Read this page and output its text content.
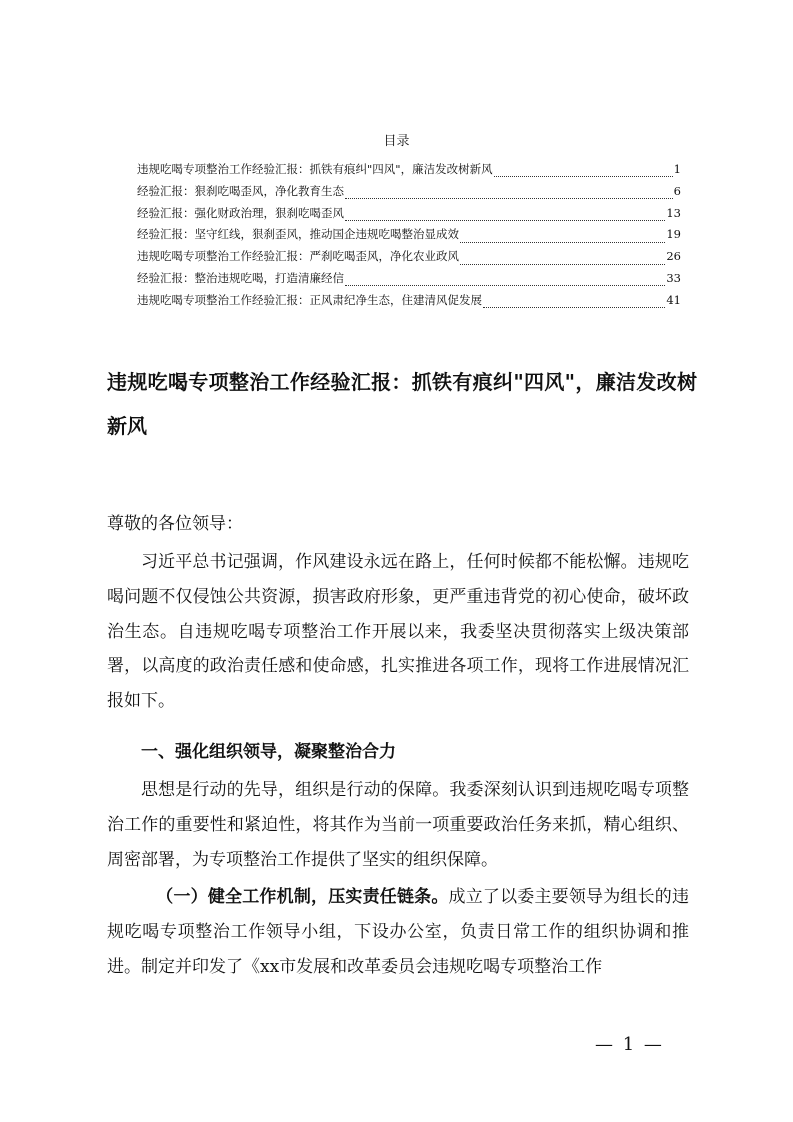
目录
违规吃喝专项整治工作经验汇报：抓铁有痕纠"四风"，廉洁发改树新风	1
经验汇报：狠刹吃喝歪风，净化教育生态	6
经验汇报：强化财政治理，狠刹吃喝歪风	13
经验汇报：坚守红线，狠刹歪风，推动国企违规吃喝整治显成效	19
违规吃喝专项整治工作经验汇报：严刹吃喝歪风，净化农业政风	26
经验汇报：整治违规吃喝，打造清廉经信	33
违规吃喝专项整治工作经验汇报：正风肃纪净生态，住建清风促发展	41
违规吃喝专项整治工作经验汇报：抓铁有痕纠"四风"，廉洁发改树新风

尊敬的各位领导：

习近平总书记强调，作风建设永远在路上，任何时候都不能松懈。违规吃喝问题不仅侵蚀公共资源，损害政府形象，更严重违背党的初心使命，破坏政治生态。自违规吃喝专项整治工作开展以来，我委坚决贯彻落实上级决策部署，以高度的政治责任感和使命感，扎实推进各项工作，现将工作进展情况汇报如下。

一、强化组织领导，凝聚整治合力

思想是行动的先导，组织是行动的保障。我委深刻认识到违规吃喝专项整治工作的重要性和紧迫性，将其作为当前一项重要政治任务来抓，精心组织、周密部署，为专项整治工作提供了坚实的组织保障。

（一）健全工作机制，压实责任链条。成立了以委主要领导为组长的违规吃喝专项整治工作领导小组，下设办公室，负责日常工作的组织协调和推进。制定并印发了《xx市发展和改革委员会违规吃喝专项整治工作

— 1 —
